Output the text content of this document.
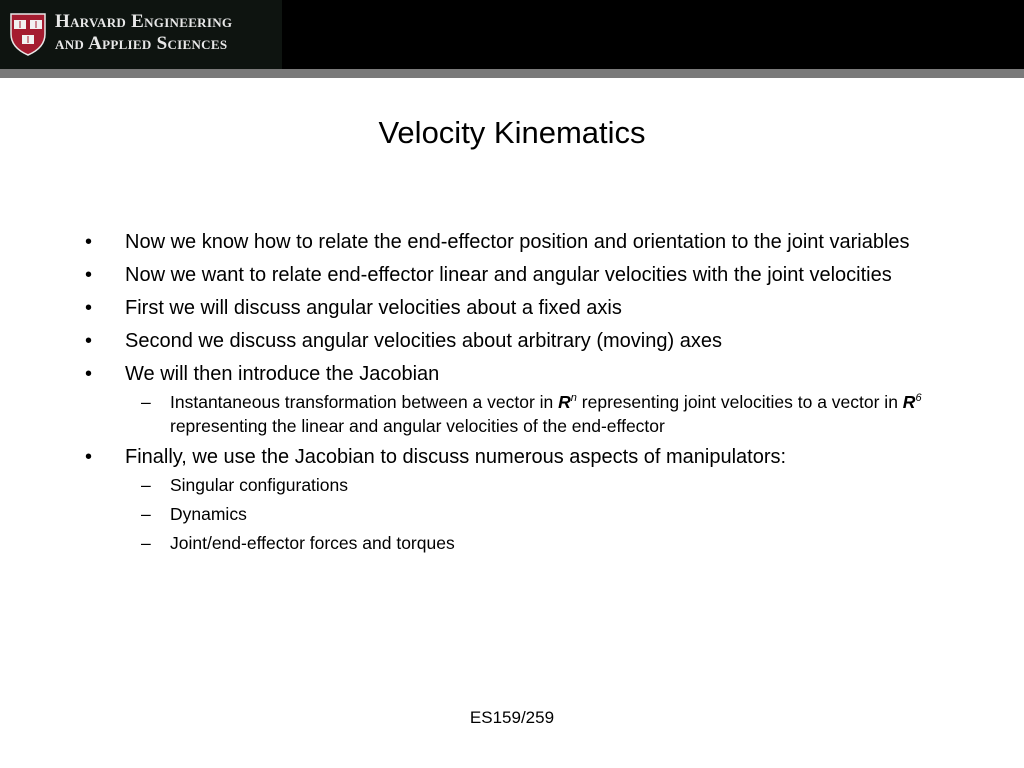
Harvard Engineering
and Applied Sciences
Velocity Kinematics
•	Now we know how to relate the end-effector position and orientation to the joint variables
•	Now we want to relate end-effector linear and angular velocities with the joint velocities
•	First we will discuss angular velocities about a fixed axis
•	Second we discuss angular velocities about arbitrary (moving) axes
•	We will then introduce the Jacobian
– Instantaneous transformation between a vector in $R^n$ representing joint velocities to a vector in $R^6$ representing the linear and angular velocities of the end-effector
•	Finally, we use the Jacobian to discuss numerous aspects of manipulators:
– Singular configurations
– Dynamics
– Joint/end-effector forces and torques
ES159/259
